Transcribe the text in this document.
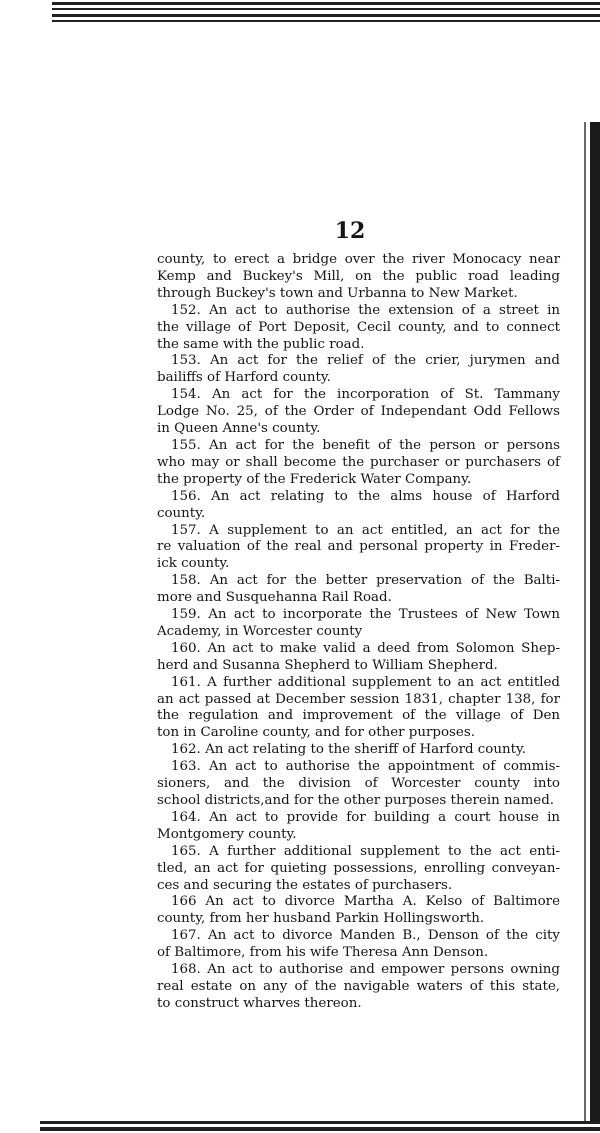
12

county, to erect a bridge over the river Monocacy near
Kemp and Buckey's Mill, on the public road leading
through Buckey's town and Urbanna to New Market.

152. An act to authorise the extension of a street in
the village of Port Deposit, Cecil county, and to connect
the same with the public road.

153. An act for the relief of the crier, jurymen and
bailiffs of Harford county.

154. An act for the incorporation of St. Tammany
Lodge No. 25, of the Order of Independant Odd Fellows
in Queen Anne's county.

155. An act for the benefit of the person or persons
who may or shall become the purchaser or purchasers of
the property of the Frederick Water Company.

156. An act relating to the alms house of Harford
county.

157. A supplement to an act entitled, an act for the
re valuation of the real and personal property in Freder-
ick county.

158. An act for the better preservation of the Balti-
more and Susquehanna Rail Road.

159. An act to incorporate the Trustees of New Town
Academy, in Worcester county

160. An act to make valid a deed from Solomon Shep-
herd and Susanna Shepherd to William Shepherd.

161. A further additional supplement to an act entitled
an act passed at December session 1831, chapter 138, for
the regulation and improvement of the village of Den
ton in Caroline county, and for other purposes.

162. An act relating to the sheriff of Harford county.

163. An act to authorise the appointment of commis-
sioners, and the division of Worcester county into
school districts,and for the other purposes therein named.

164. An act to provide for building a court house in
Montgomery county.

165. A further additional supplement to the act enti-
tled, an act for quieting possessions, enrolling conveyan-
ces and securing the estates of purchasers.

166 An act to divorce Martha A. Kelso of Baltimore
county, from her husband Parkin Hollingsworth.

167. An act to divorce Manden B., Denson of the city
of Baltimore, from his wife Theresa Ann Denson.

168. An act to authorise and empower persons owning
real estate on any of the navigable waters of this state,
to construct wharves thereon.
